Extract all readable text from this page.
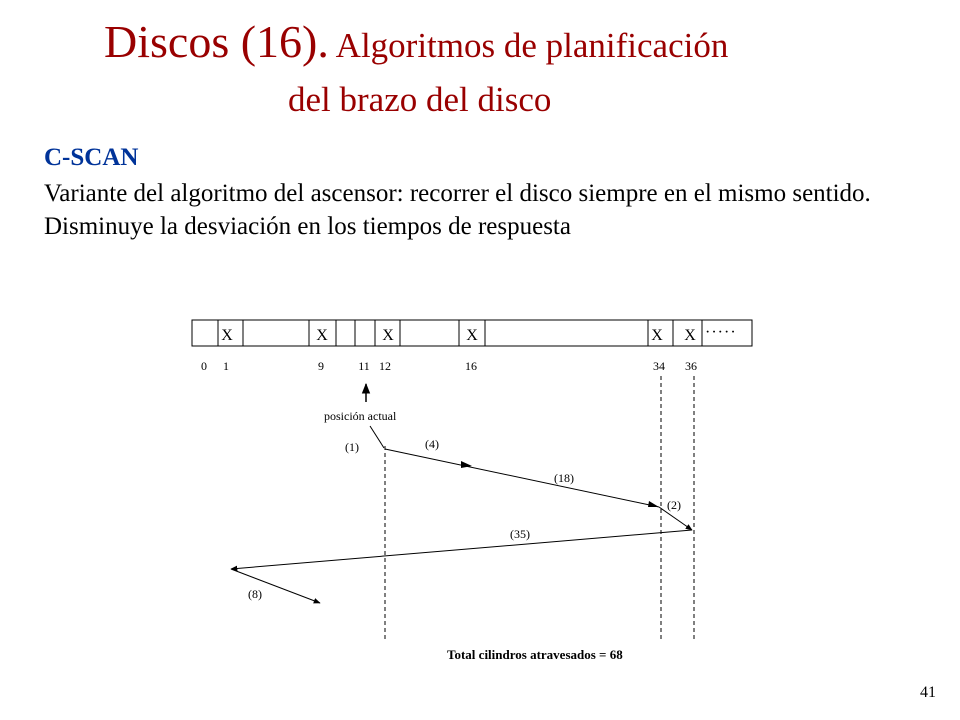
Discos (16). Algoritmos de planificación
del brazo del disco
C-SCAN

Variante del algoritmo del ascensor: recorrer el disco siempre en el mismo sentido. Disminuye la desviación en los tiempos de respuesta

X	X	X	X	X X ·····
0 1	9	11 12	16	34 36
posición actual
(1)	(4)
(18)
(2)
(35)
(8)
Total cilindros atravesados = 68
41
